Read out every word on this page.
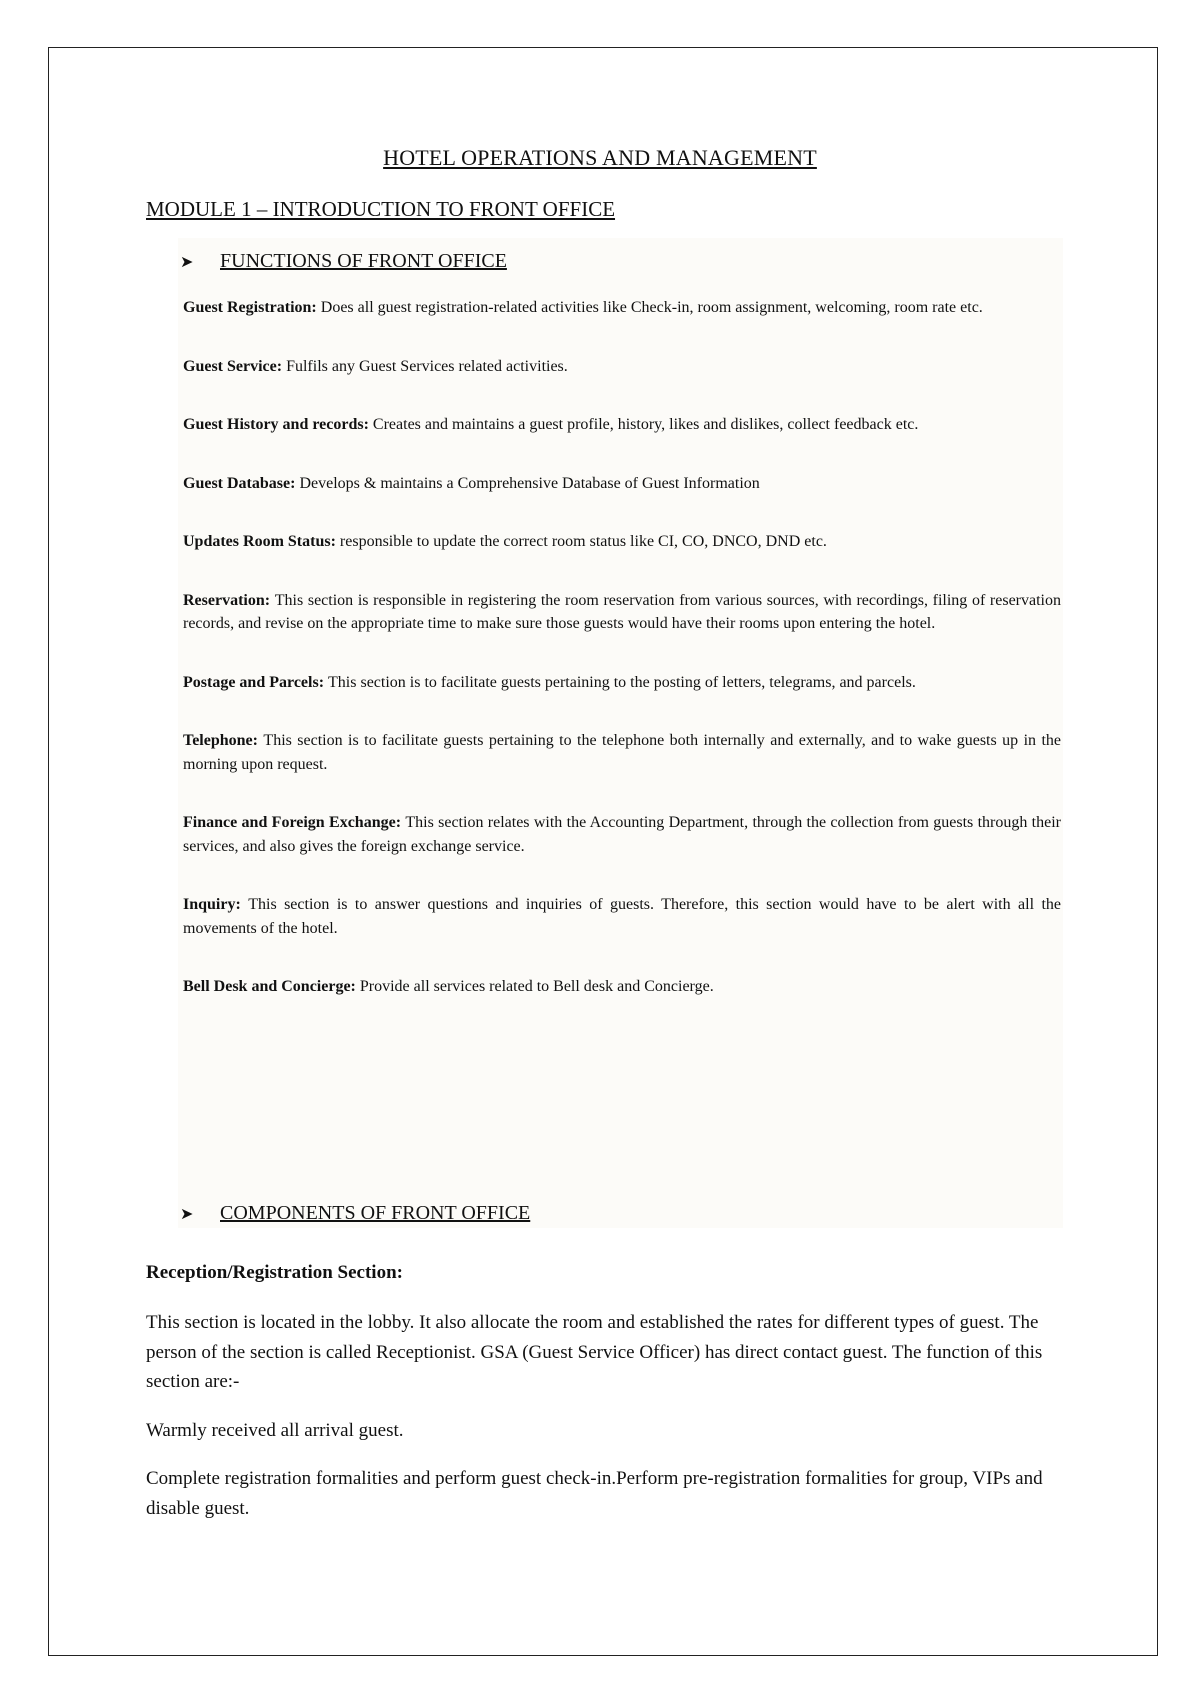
HOTEL OPERATIONS AND MANAGEMENT
MODULE 1 – INTRODUCTION TO FRONT OFFICE
➤	FUNCTIONS OF FRONT OFFICE

Guest Registration: Does all guest registration-related activities like Check-in, room assignment, welcoming, room rate etc.

Guest Service: Fulfils any Guest Services related activities.

Guest History and records: Creates and maintains a guest profile, history, likes and dislikes, collect feedback etc.

Guest Database: Develops & maintains a Comprehensive Database of Guest Information

Updates Room Status: responsible to update the correct room status like CI, CO, DNCO, DND etc.

Reservation: This section is responsible in registering the room reservation from various sources, with recordings, filing of reservation records, and revise on the appropriate time to make sure those guests would have their rooms upon entering the hotel.

Postage and Parcels: This section is to facilitate guests pertaining to the posting of letters, telegrams, and parcels.

Telephone: This section is to facilitate guests pertaining to the telephone both internally and externally, and to wake guests up in the morning upon request.

Finance and Foreign Exchange: This section relates with the Accounting Department, through the collection from guests through their services, and also gives the foreign exchange service.

Inquiry: This section is to answer questions and inquiries of guests. Therefore, this section would have to be alert with all the movements of the hotel.

Bell Desk and Concierge: Provide all services related to Bell desk and Concierge.

➤	COMPONENTS OF FRONT OFFICE
Reception/Registration Section:

This section is located in the lobby. It also allocate the room and established the rates for different types of guest. The person of the section is called Receptionist. GSA (Guest Service Officer) has direct contact guest. The function of this section are:-

Warmly received all arrival guest.

Complete registration formalities and perform guest check-in.Perform pre-registration formalities for group, VIPs and disable guest.
